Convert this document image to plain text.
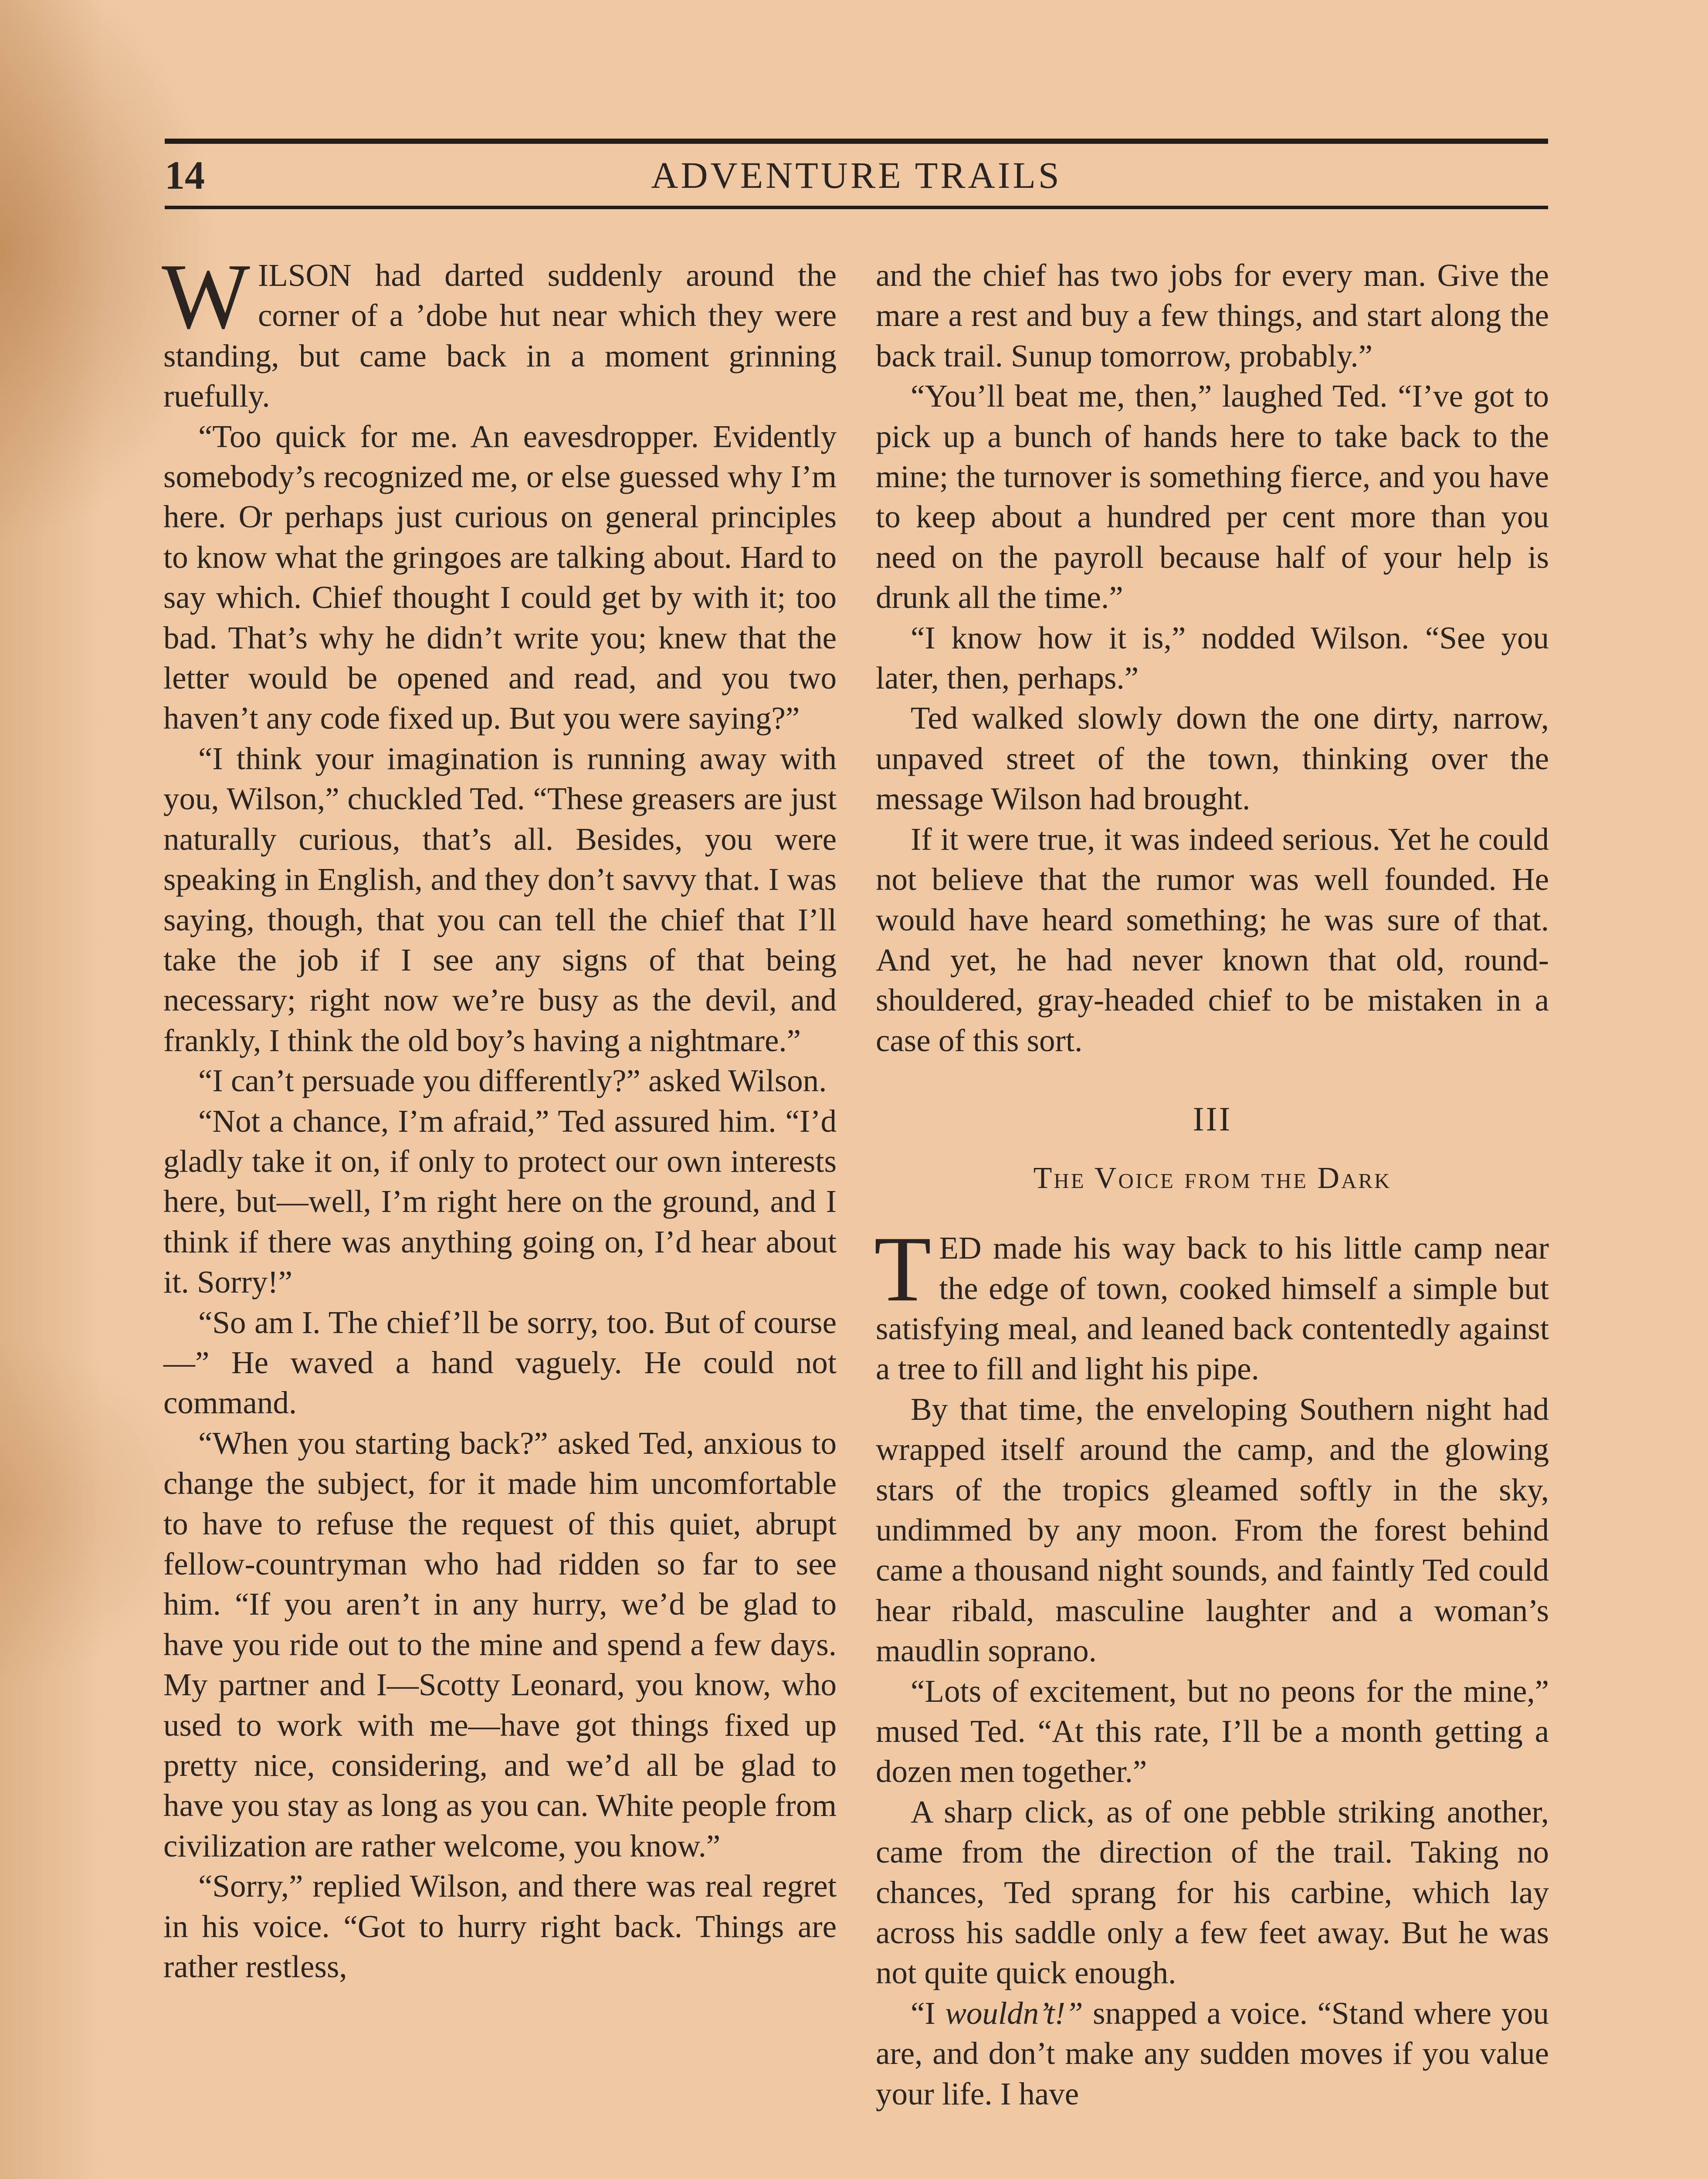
14	ADVENTURE TRAILS

WILSON had darted suddenly around the corner of a ’dobe hut near which they were standing, but came back in a moment grinning ruefully.

“Too quick for me. An eavesdropper. Evidently somebody’s recognized me, or else guessed why I’m here. Or perhaps just curious on general principles to know what the gringoes are talking about. Hard to say which. Chief thought I could get by with it; too bad. That’s why he didn’t write you; knew that the letter would be opened and read, and you two haven’t any code fixed up. But you were saying?”

“I think your imagination is running away with you, Wilson,” chuckled Ted. “These greasers are just naturally curious, that’s all. Besides, you were speaking in English, and they don’t savvy that. I was saying, though, that you can tell the chief that I’ll take the job if I see any signs of that being necessary; right now we’re busy as the devil, and frankly, I think the old boy’s having a nightmare.”

“I can’t persuade you differently?” asked Wilson.

“Not a chance, I’m afraid,” Ted assured him. “I’d gladly take it on, if only to protect our own interests here, but—well, I’m right here on the ground, and I think if there was anything going on, I’d hear about it. Sorry!”

“So am I. The chief’ll be sorry, too. But of course—” He waved a hand vaguely. He could not command.

“When you starting back?” asked Ted, anxious to change the subject, for it made him uncomfortable to have to refuse the request of this quiet, abrupt fellow-countryman who had ridden so far to see him. “If you aren’t in any hurry, we’d be glad to have you ride out to the mine and spend a few days. My partner and I—Scotty Leonard, you know, who used to work with me—have got things fixed up pretty nice, considering, and we’d all be glad to have you stay as long as you can. White people from civilization are rather welcome, you know.”

“Sorry,” replied Wilson, and there was real regret in his voice. “Got to hurry right back. Things are rather restless,

and the chief has two jobs for every man. Give the mare a rest and buy a few things, and start along the back trail. Sunup tomorrow, probably.”

“You’ll beat me, then,” laughed Ted. “I’ve got to pick up a bunch of hands here to take back to the mine; the turnover is something fierce, and you have to keep about a hundred per cent more than you need on the payroll because half of your help is drunk all the time.”

“I know how it is,” nodded Wilson. “See you later, then, perhaps.”

Ted walked slowly down the one dirty, narrow, unpaved street of the town, thinking over the message Wilson had brought.

If it were true, it was indeed serious. Yet he could not believe that the rumor was well founded. He would have heard something; he was sure of that. And yet, he had never known that old, round-shouldered, gray-headed chief to be mistaken in a case of this sort.

III
The Voice from the Dark

TED made his way back to his little camp near the edge of town, cooked himself a simple but satisfying meal, and leaned back contentedly against a tree to fill and light his pipe.

By that time, the enveloping Southern night had wrapped itself around the camp, and the glowing stars of the tropics gleamed softly in the sky, undimmed by any moon. From the forest behind came a thousand night sounds, and faintly Ted could hear ribald, masculine laughter and a woman’s maudlin soprano.

“Lots of excitement, but no peons for the mine,” mused Ted. “At this rate, I’ll be a month getting a dozen men together.”

A sharp click, as of one pebble striking another, came from the direction of the trail. Taking no chances, Ted sprang for his carbine, which lay across his saddle only a few feet away. But he was not quite quick enough.

“I wouldn’t!” snapped a voice. “Stand where you are, and don’t make any sudden moves if you value your life. I have
